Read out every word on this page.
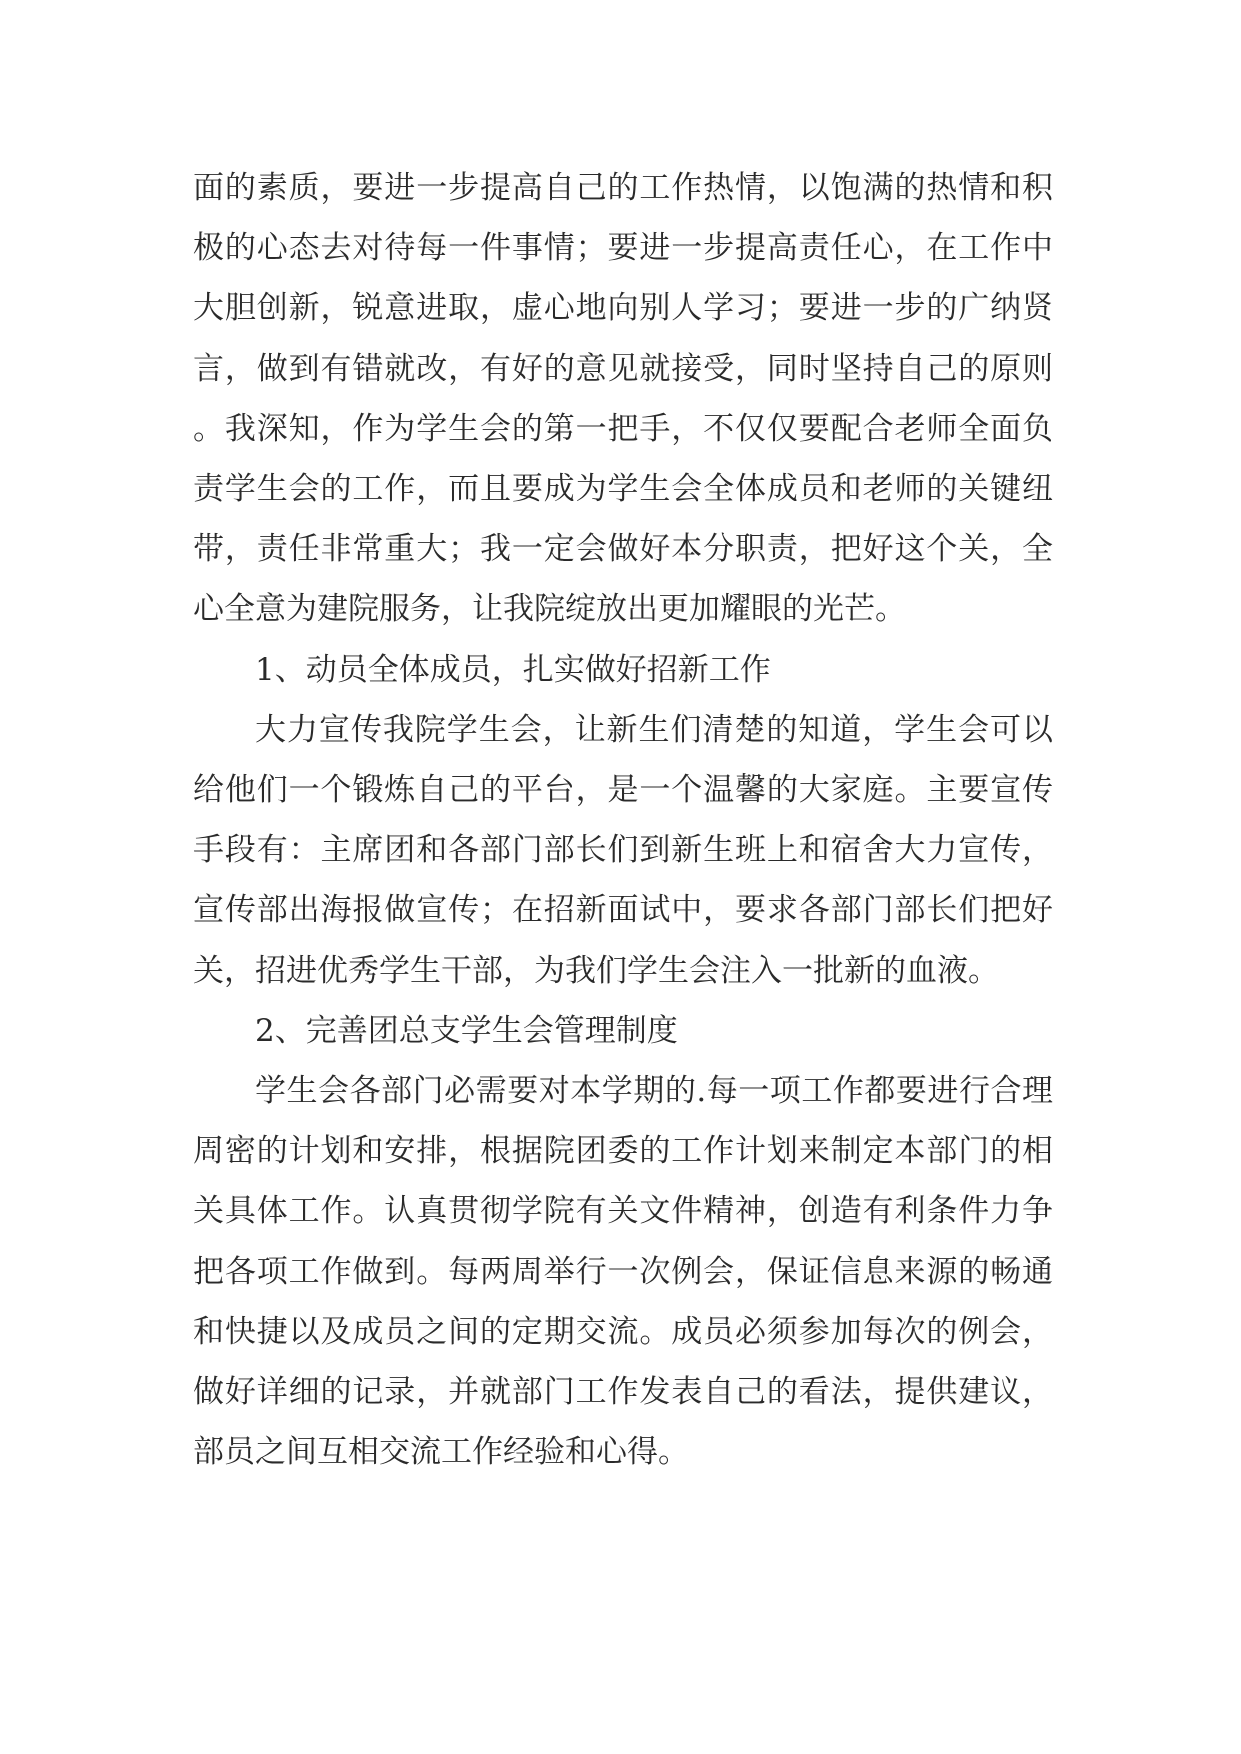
面的素质，要进一步提高自己的工作热情，以饱满的热情和积极的心态去对待每一件事情；要进一步提高责任心，在工作中大胆创新，锐意进取，虚心地向别人学习；要进一步的广纳贤言，做到有错就改，有好的意见就接受，同时坚持自己的原则。我深知，作为学生会的第一把手，不仅仅要配合老师全面负责学生会的工作，而且要成为学生会全体成员和老师的关键纽带，责任非常重大；我一定会做好本分职责，把好这个关，全心全意为建院服务，让我院绽放出更加耀眼的光芒。

1、动员全体成员，扎实做好招新工作

大力宣传我院学生会，让新生们清楚的知道，学生会可以给他们一个锻炼自己的平台，是一个温馨的大家庭。主要宣传手段有：主席团和各部门部长们到新生班上和宿舍大力宣传，宣传部出海报做宣传；在招新面试中，要求各部门部长们把好关，招进优秀学生干部，为我们学生会注入一批新的血液。

2、完善团总支学生会管理制度

学生会各部门必需要对本学期的.每一项工作都要进行合理周密的计划和安排，根据院团委的工作计划来制定本部门的相关具体工作。认真贯彻学院有关文件精神，创造有利条件力争把各项工作做到。每两周举行一次例会，保证信息来源的畅通和快捷以及成员之间的定期交流。成员必须参加每次的例会，做好详细的记录，并就部门工作发表自己的看法，提供建议，部员之间互相交流工作经验和心得。
